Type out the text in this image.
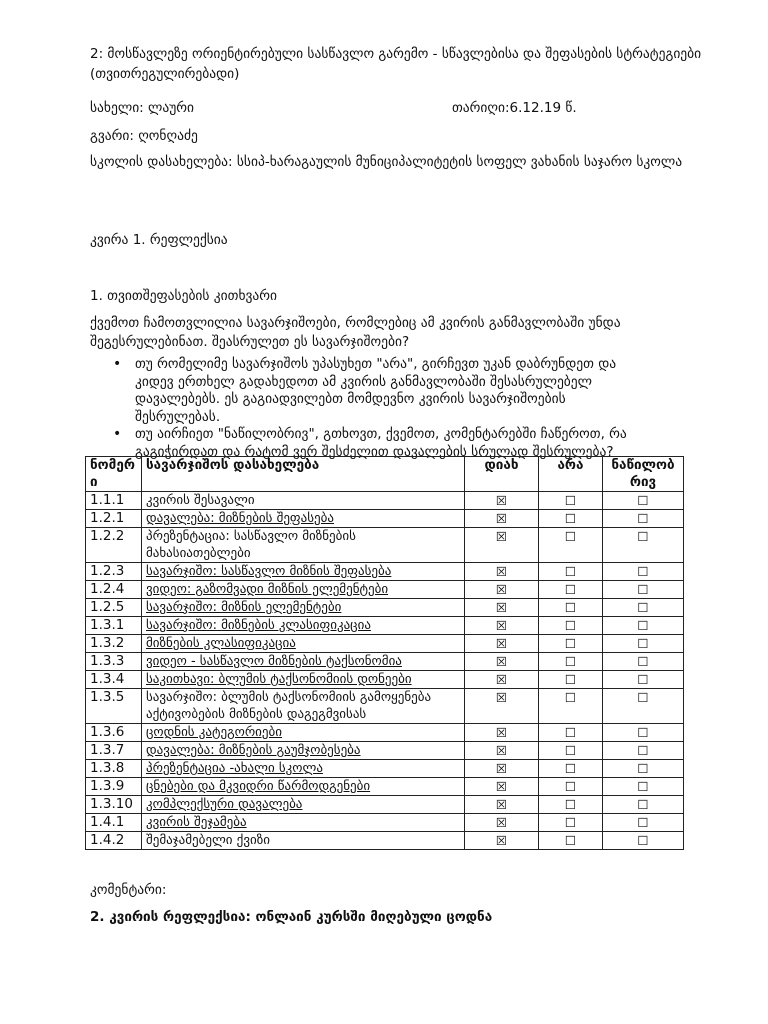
2: მოსწავლეზე ორიენტირებული სასწავლო გარემო - სწავლებისა და შეფასების სტრატეგიები (თვითრეგულირებადი)

სახელი: ლაური	თარიღი:6.12.19 წ.

გვარი: ღონღაძე

სკოლის დასახელება: სსიპ-ხარაგაულის მუნიციპალიტეტის სოფელ ვახანის საჯარო სკოლა

კვირა 1. რეფლექსია

1. თვითშეფასების კითხვარი

ქვემოთ ჩამოთვლილია სავარჯიშოები, რომლებიც ამ კვირის განმავლობაში უნდა შეგესრულებინათ. შეასრულეთ ეს სავარჯიშოები?

• თუ რომელიმე სავარჯიშოს უპასუხეთ "არა", გირჩევთ უკან დაბრუნდეთ და კიდევ ერთხელ გადახედოთ ამ კვირის განმავლობაში შესასრულებელ დავალებებს. ეს გაგიადვილებთ მომდევნო კვირის სავარჯიშოების შესრულებას.
• თუ აირჩიეთ "ნაწილობრივ", გთხოვთ, ქვემოთ, კომენტარებში ჩაწეროთ, რა გაგიჭირდათ და რატომ ვერ შესძელით დავალების სრულად შესრულება?
ნომერი	სავარჯიშოს დასახელება	დიახ	არა	ნაწილობრივ
1.1.1	კვირის შესავალი	☒	☐	☐
1.2.1	დავალება: მიზნების შეფასება	☒	☐	☐
1.2.2	პრეზენტაცია: სასწავლო მიზნების მახასიათებლები	☒	☐	☐
1.2.3	სავარჯიშო: სასწავლო მიზნის შეფასება	☒	☐	☐
1.2.4	ვიდეო: გაზომვადი მიზნის ელემენტები	☒	☐	☐
1.2.5	სავარჯიშო: მიზნის ელემენტები	☒	☐	☐
1.3.1	სავარჯიშო: მიზნების კლასიფიკაცია	☒	☐	☐
1.3.2	მიზნების კლასიფიკაცია	☒	☐	☐
1.3.3	ვიდეო - სასწავლო მიზნების ტაქსონომია	☒	☐	☐
1.3.4	საკითხავი: ბლუმის ტაქსონომიის დონეები	☒	☐	☐
1.3.5	სავარჯიშო: ბლუმის ტაქსონომიის გამოყენება აქტივობების მიზნების დაგეგმვისას	☒	☐	☐
1.3.6	ცოდნის კატეგორიები	☒	☐	☐
1.3.7	დავალება: მიზნების გაუმჯობესება	☒	☐	☐
1.3.8	პრეზენტაცია -ახალი სკოლა	☒	☐	☐
1.3.9	ცნებები და მკვიდრი წარმოდგენები	☒	☐	☐
1.3.10	კომპლექსური დავალება	☒	☐	☐
1.4.1	კვირის შეჯამება	☒	☐	☐
1.4.2	შემაჯამებელი ქვიზი	☒	☐	☐

კომენტარი:

2. კვირის რეფლექსია: ონლაინ კურსში მიღებული ცოდნა
